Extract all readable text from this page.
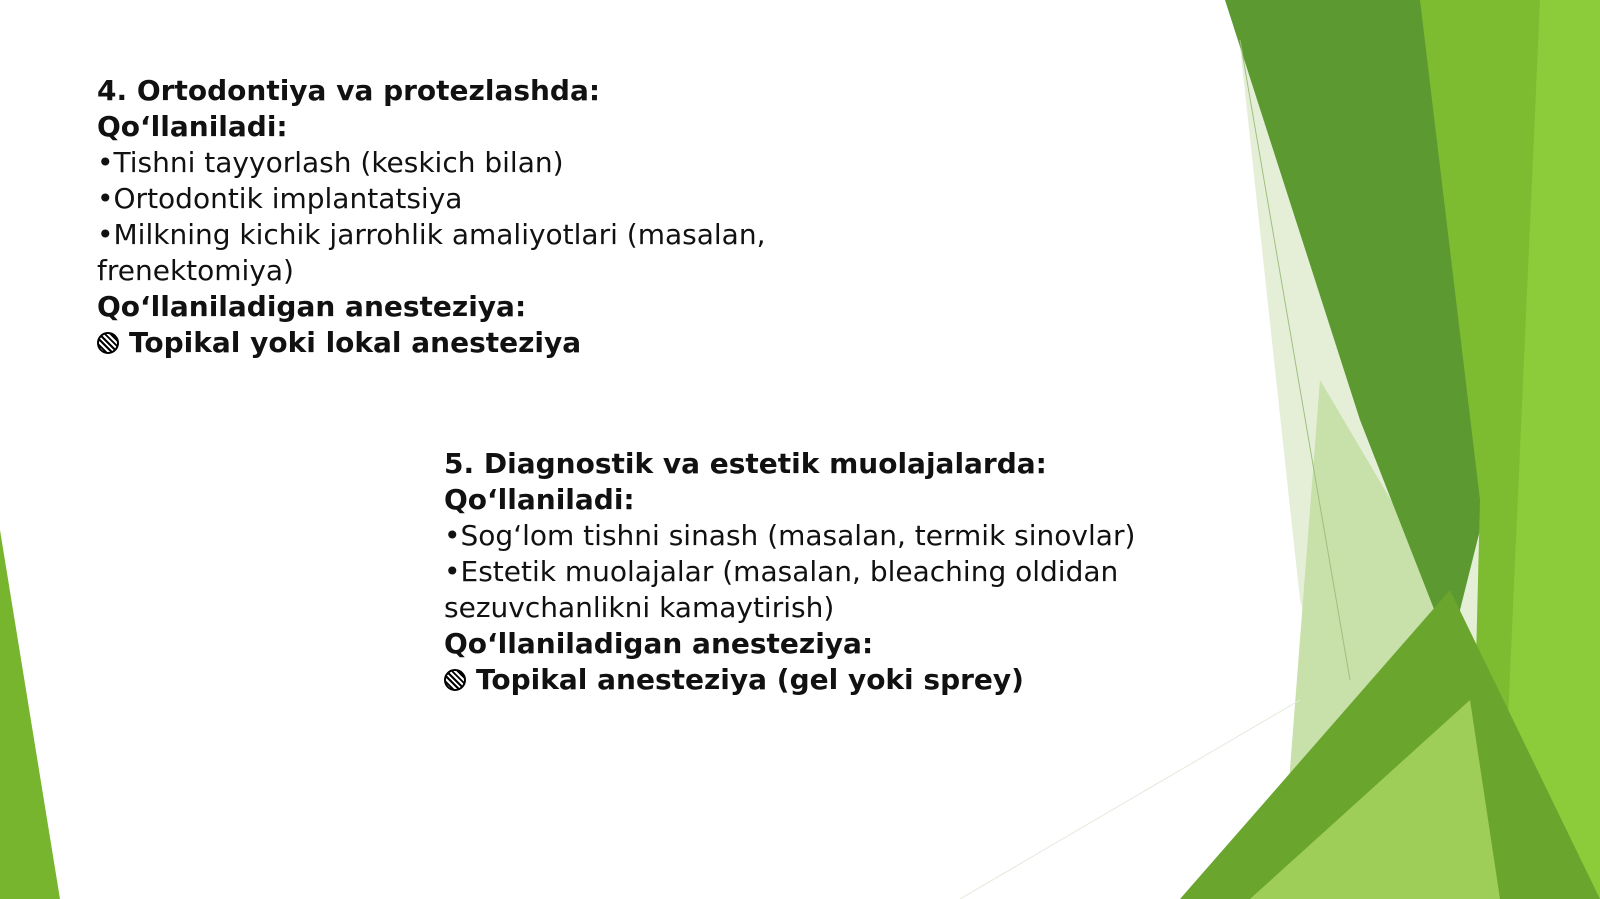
4. Ortodontiya va protezlashda:
Qo‘llaniladi:
•Tishni tayyorlash (keskich bilan)
•Ortodontik implantatsiya
•Milkning kichik jarrohlik amaliyotlari (masalan,
frenektomiya)
Qo‘llaniladigan anesteziya:
Topikal yoki lokal anesteziya
5. Diagnostik va estetik muolajalarda:
Qo‘llaniladi:
•Sog‘lom tishni sinash (masalan, termik sinovlar)
•Estetik muolajalar (masalan, bleaching oldidan
sezuvchanlikni kamaytirish)
Qo‘llaniladigan anesteziya:
Topikal anesteziya (gel yoki sprey)
